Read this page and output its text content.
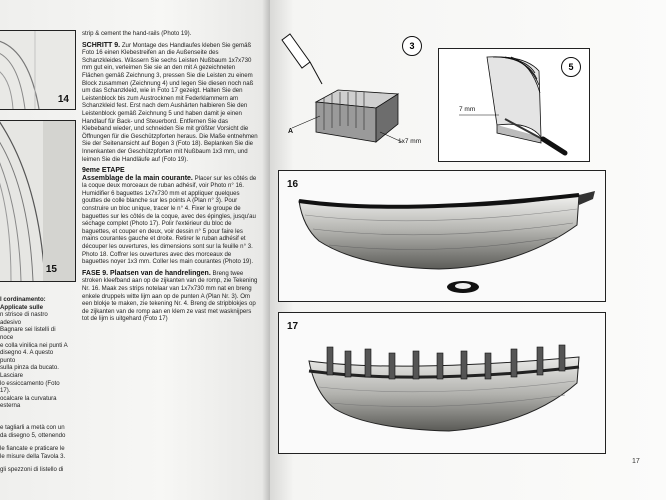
14
15
l cordinamento: Applicate sulle
n strisce di nastro adesivo
Bagnare sei listelli di noce
e colla vinilica nei punti A
disegno 4. A questo punto
sulla pinza da bucato. Lasciare
lo essiccamento (Foto 17).
ocalcare la curvatura esterna
e tagliarli a metà con un
da disegno 5, ottenendo
le fiancate e praticare le
le misure della Tavola 3.
gli spezzoni di listello di

strip & cement the hand-rails (Photo 19).

SCHRITT 9. Zur Montage des Handlaufes kleben Sie gemäß Foto 16 einen Klebestreifen an die Außenseite des Schanzkleides. Wässern Sie sechs Leisten Nußbaum 1x7x730 mm gut ein, verleimen Sie sie an den mit A gezeichneten Flächen gemäß Zeichnung 3, pressen Sie die Leisten zu einem Block zusammen (Zeichnung 4) und legen Sie diesen noch naß um das Schanzkleid, wie in Foto 17 gezeigt. Halten Sie den Leistenblock bis zum Austrocknen mit Federklammern am Schanzkleid fest. Erst nach dem Aushärten halbieren Sie den Leistenblock gemäß Zeichnung 5 und haben damit je einen Handlauf für Back- und Steuerbord. Entfernen Sie das Klebeband wieder, und schneiden Sie mit größter Vorsicht die Öffnungen für die Geschützpforten heraus. Die Maße entnehmen Sie der Seitenansicht auf Bogen 3 (Foto 18). Beplanken Sie die Innenkanten der Geschützpforten mit Nußbaum 1x3 mm, und leimen Sie die Handläufe auf (Foto 19).

9eme ETAPE

Assemblage de la main courante. Placer sur les côtés de la coque deux morceaux de ruban adhésif, voir Photo n° 16. Humidifier 6 baguettes 1x7x730 mm et appliquer quelques gouttes de colle blanche sur les points A (Plan n° 3). Pour construire un bloc unique, tracer le n° 4. Fixer le groupe de baguettes sur les côtés de la coque, avec des épingles, jusqu'au séchage complet (Photo 17). Polir l'extérieur du bloc de baguettes, et couper en deux, voir dessin n° 5 pour faire les mains courantes gauche et droite. Retirer le ruban adhésif et découper les ouvertures, les dimensions sont sur la feuille n° 3. Photo 18. Coffrer les ouvertures avec des morceaux de baguettes noyer 1x3 mm. Coller les main courantes (Photo 19).

FASE 9. Plaatsen van de handrelingen. Breng twee stroken kleefband aan op de zijkanten van de romp, zie Tekening Nr. 16. Maak zes strips notelaar van 1x7x730 mm nat en breng enkele druppels witte lijm aan op de punten A (Plan Nr. 3). Om een blokje te maken, zie tekening Nr. 4. Breng de stripblokjes op de zijkanten van de romp aan en klem ze vast met wasknijpers tot de lijm is uitgehard (Foto 17)

3
A
1x7 mm
5
7 mm
16
17
17
